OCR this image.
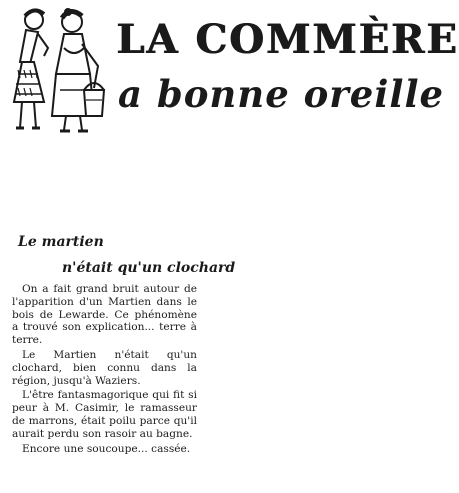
LA COMMÈRE
a bonne oreille
Le martien
n'était qu'un clochard

On a fait grand bruit autour de l'apparition d'un Martien dans le bois de Lewarde. Ce phénomène a trouvé son explication... terre à terre.

Le Martien n'était qu'un clochard, bien connu dans la région, jusqu'à Waziers.

L'être fantasmagorique qui fit si peur à M. Casimir, le ramasseur de marrons, était poilu parce qu'il aurait perdu son rasoir au bagne.

Encore une soucoupe... cassée.
